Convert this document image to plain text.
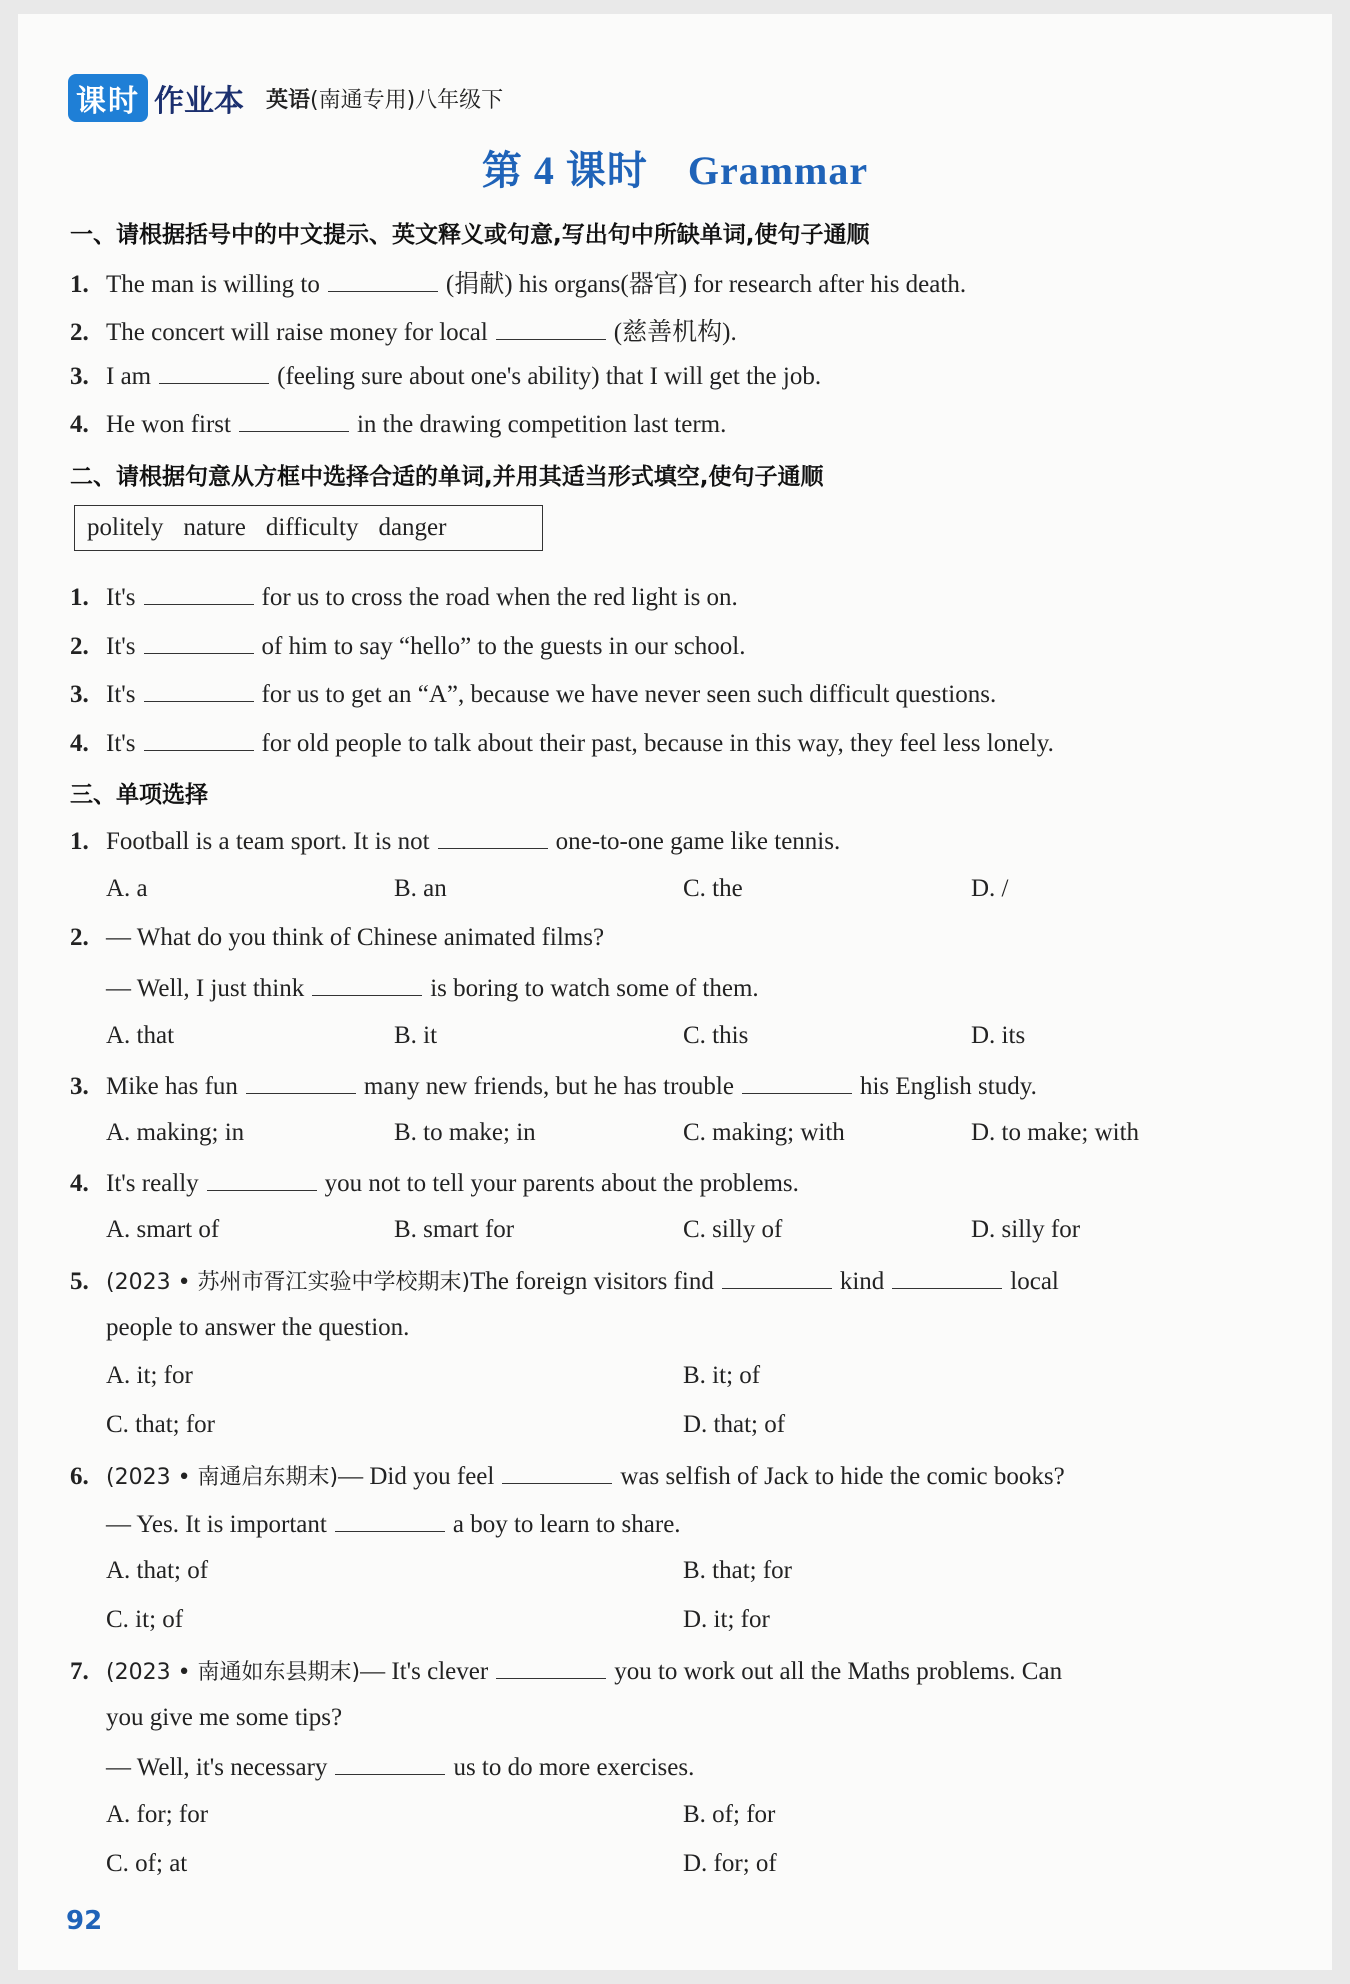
课时 作业本 英语(南通专用)八年级下
第 4 课时 Grammar
一、请根据括号中的中文提示、英文释义或句意,写出句中所缺单词,使句子通顺
1. The man is willing to	(捐献) his organs(器官) for research after his death.
2. The concert will raise money for local	(慈善机构).
3. I am	(feeling sure about one's ability) that I will get the job.
4. He won first	in the drawing competition last term.
二、请根据句意从方框中选择合适的单词,并用其适当形式填空,使句子通顺
politely nature difficulty danger
1. It's	for us to cross the road when the red light is on.
2. It's	of him to say “hello” to the guests in our school.
3. It's	for us to get an “A”, because we have never seen such difficult questions.
4. It's	for old people to talk about their past, because in this way, they feel less lonely.
三、单项选择
1. Football is a team sport. It is not	one-to-one game like tennis.
A. a	B. an	C. the	D. /
2. — What do you think of Chinese animated films?
— Well, I just think	is boring to watch some of them.
A. that	B. it	C. this	D. its
3. Mike has fun	many new friends, but he has trouble	his English study.
A. making; in	B. to make; in	C. making; with	D. to make; with
4. It's really	you not to tell your parents about the problems.
A. smart of	B. smart for	C. silly of	D. silly for
5. (2023 • 苏州市胥江实验中学校期末)The foreign visitors find	kind	local
people to answer the question.
A. it; for	B. it; of
C. that; for	D. that; of
6. (2023 • 南通启东期末)— Did you feel	was selfish of Jack to hide the comic books?
— Yes. It is important	a boy to learn to share.
A. that; of	B. that; for
C. it; of	D. it; for
7. (2023 • 南通如东县期末)— It's clever	you to work out all the Maths problems. Can
you give me some tips?
— Well, it's necessary	us to do more exercises.
A. for; for	B. of; for
C. of; at	D. for; of
92
